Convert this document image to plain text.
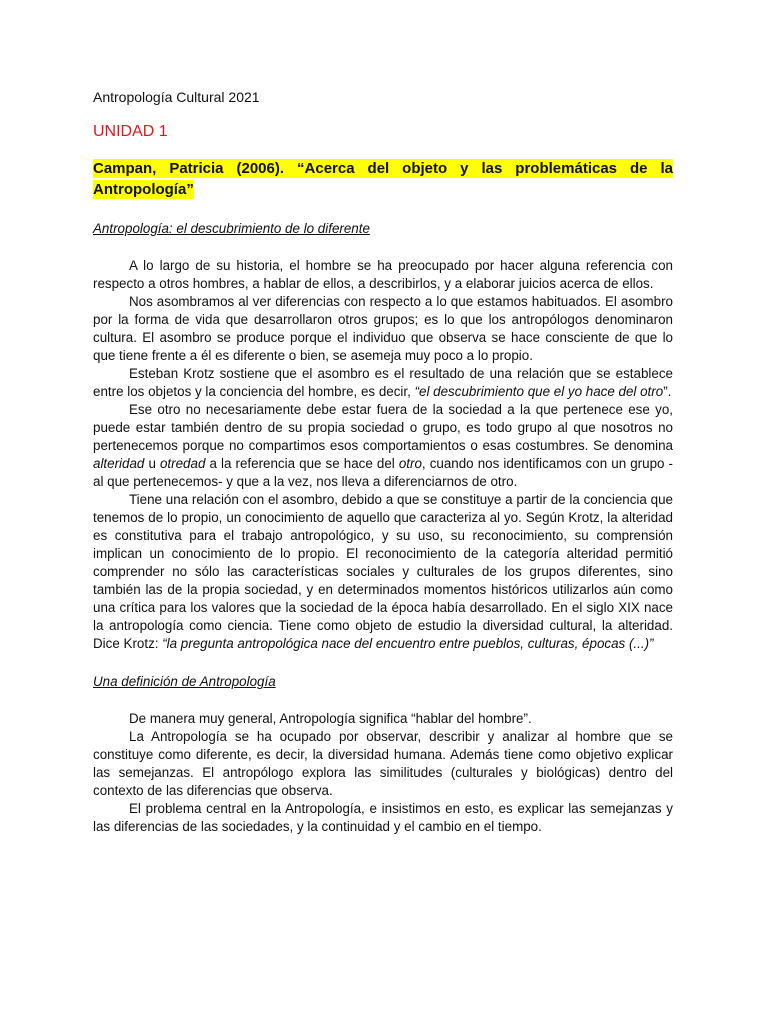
Antropología Cultural 2021

UNIDAD 1
Campan, Patricia (2006). “Acerca del objeto y las problemáticas de la Antropología”
Antropología: el descubrimiento de lo diferente

A lo largo de su historia, el hombre se ha preocupado por hacer alguna referencia con respecto a otros hombres, a hablar de ellos, a describirlos, y a elaborar juicios acerca de ellos.

Nos asombramos al ver diferencias con respecto a lo que estamos habituados. El asombro por la forma de vida que desarrollaron otros grupos; es lo que los antropólogos denominaron cultura. El asombro se produce porque el individuo que observa se hace consciente de que lo que tiene frente a él es diferente o bien, se asemeja muy poco a lo propio.

Esteban Krotz sostiene que el asombro es el resultado de una relación que se establece entre los objetos y la conciencia del hombre, es decir, “el descubrimiento que el yo hace del otro”.

Ese otro no necesariamente debe estar fuera de la sociedad a la que pertenece ese yo, puede estar también dentro de su propia sociedad o grupo, es todo grupo al que nosotros no pertenecemos porque no compartimos esos comportamientos o esas costumbres. Se denomina alteridad u otredad a la referencia que se hace del otro, cuando nos identificamos con un grupo -al que pertenecemos- y que a la vez, nos lleva a diferenciarnos de otro.

Tiene una relación con el asombro, debido a que se constituye a partir de la conciencia que tenemos de lo propio, un conocimiento de aquello que caracteriza al yo. Según Krotz, la alteridad es constitutiva para el trabajo antropológico, y su uso, su reconocimiento, su comprensión implican un conocimiento de lo propio. El reconocimiento de la categoría alteridad permitió comprender no sólo las características sociales y culturales de los grupos diferentes, sino también las de la propia sociedad, y en determinados momentos históricos utilizarlos aún como una crítica para los valores que la sociedad de la época había desarrollado. En el siglo XIX nace la antropología como ciencia. Tiene como objeto de estudio la diversidad cultural, la alteridad. Dice Krotz: “la pregunta antropológica nace del encuentro entre pueblos, culturas, épocas (...)”

Una definición de Antropología

De manera muy general, Antropología significa “hablar del hombre”.

La Antropología se ha ocupado por observar, describir y analizar al hombre que se constituye como diferente, es decir, la diversidad humana. Además tiene como objetivo explicar las semejanzas. El antropólogo explora las similitudes (culturales y biológicas) dentro del contexto de las diferencias que observa.

El problema central en la Antropología, e insistimos en esto, es explicar las semejanzas y las diferencias de las sociedades, y la continuidad y el cambio en el tiempo.
